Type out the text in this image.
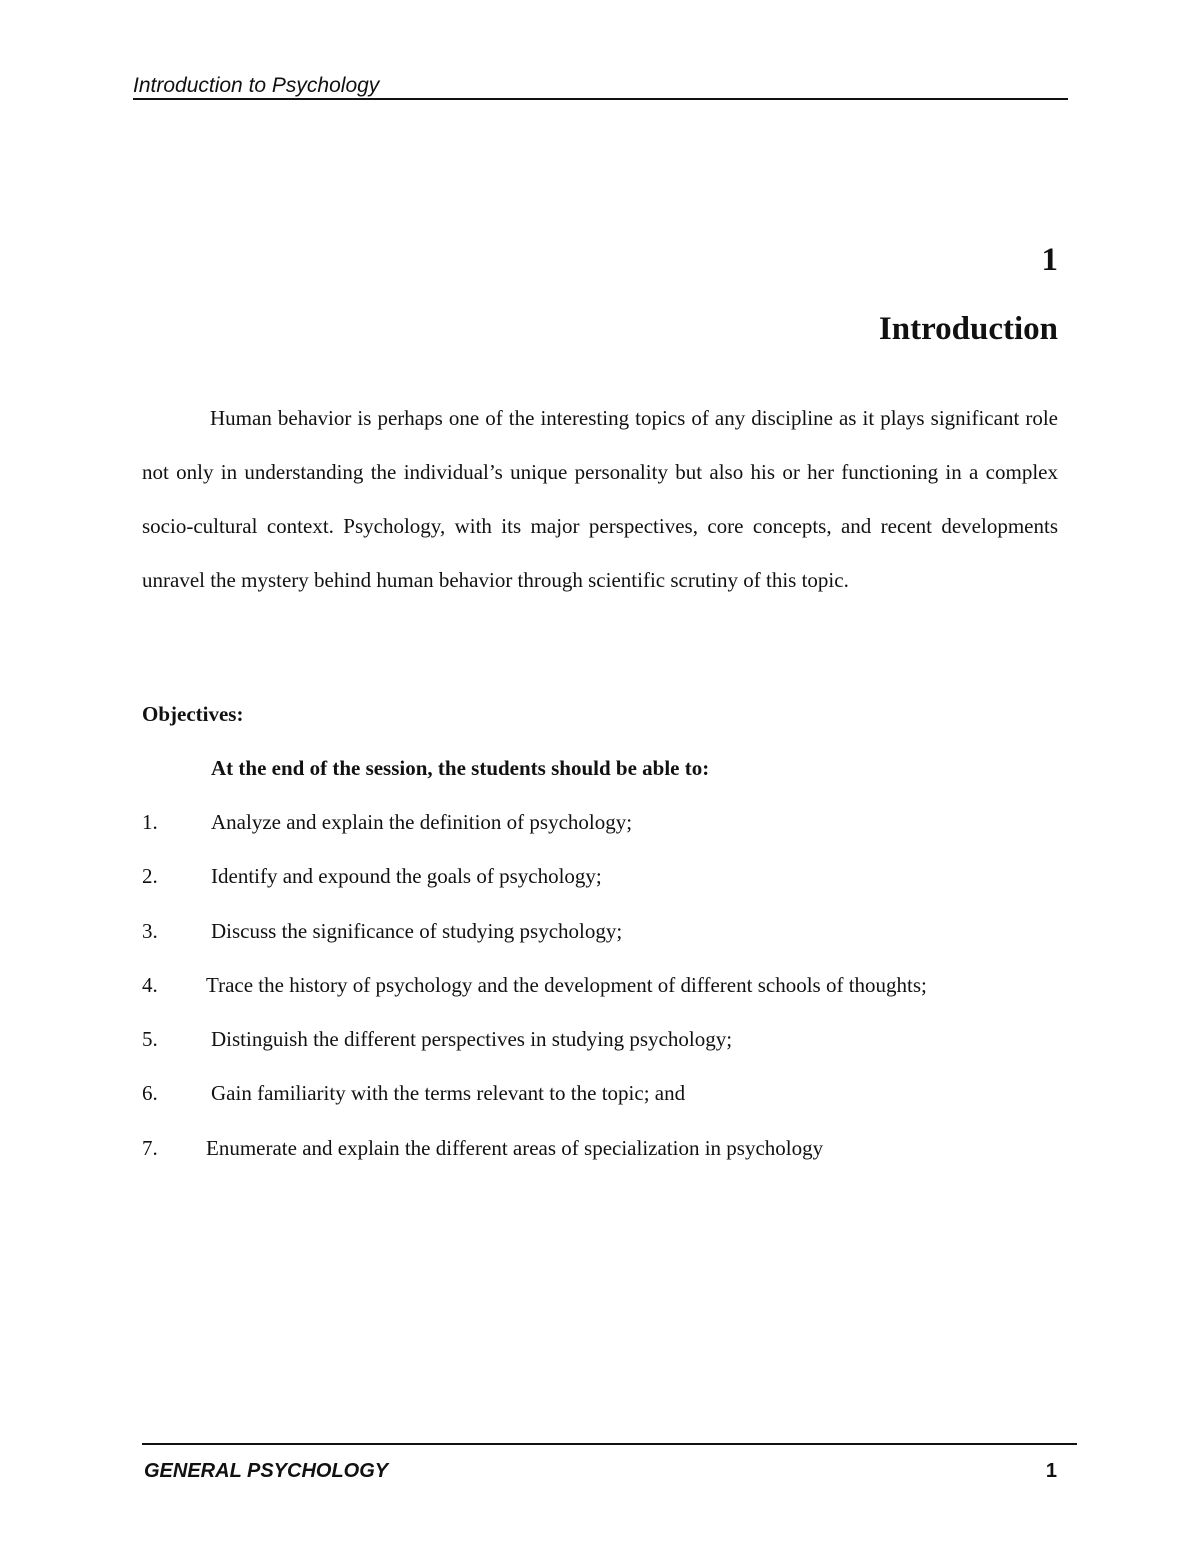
Introduction to Psychology
1
Introduction

Human behavior is perhaps one of the interesting topics of any discipline as it plays significant role not only in understanding the individual’s unique personality but also his or her functioning in a complex socio-cultural context. Psychology, with its major perspectives, core concepts, and recent developments unravel the mystery behind human behavior through scientific scrutiny of this topic.

Objectives:
At the end of the session, the students should be able to:
1.	Analyze and explain the definition of psychology;
2.	Identify and expound the goals of psychology;
3.	Discuss the significance of studying psychology;
4. Trace the history of psychology and the development of different schools of thoughts;
5.	Distinguish the different perspectives in studying psychology;
6.	Gain familiarity with the terms relevant to the topic; and
7. Enumerate and explain the different areas of specialization in psychology
GENERAL PSYCHOLOGY	1
